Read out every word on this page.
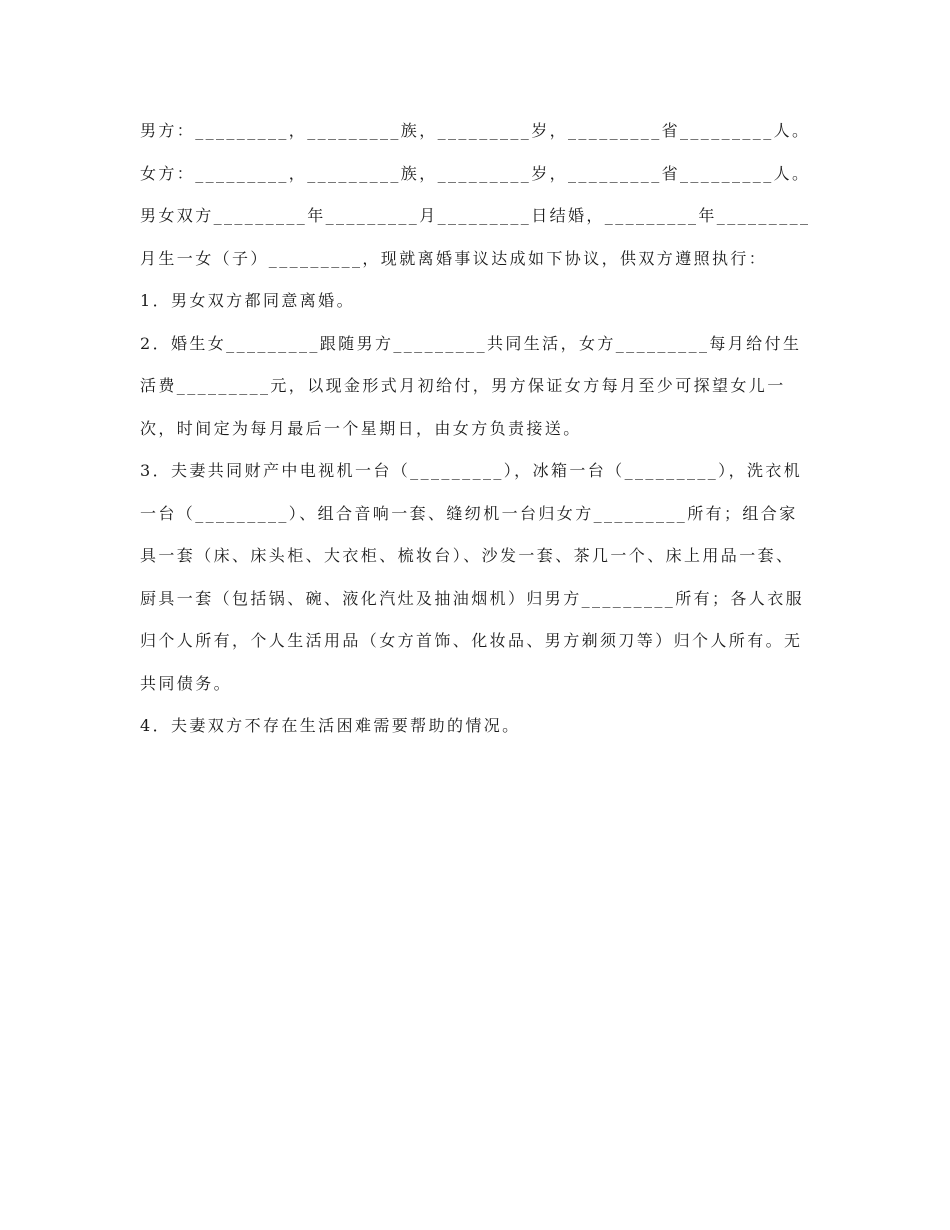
男方：_________，_________族，_________岁，_________省_________人。

女方：_________，_________族，_________岁，_________省_________人。

男女双方_________年_________月_________日结婚，_________年_________月生一女（子）_________，现就离婚事议达成如下协议，供双方遵照执行：

1．男女双方都同意离婚。

2．婚生女_________跟随男方_________共同生活，女方_________每月给付生活费_________元，以现金形式月初给付，男方保证女方每月至少可探望女儿一次，时间定为每月最后一个星期日，由女方负责接送。

3．夫妻共同财产中电视机一台（_________），冰箱一台（_________），洗衣机一台（_________）、组合音响一套、缝纫机一台归女方_________所有；组合家具一套（床、床头柜、大衣柜、梳妆台）、沙发一套、茶几一个、床上用品一套、厨具一套（包括锅、碗、液化汽灶及抽油烟机）归男方_________所有；各人衣服归个人所有，个人生活用品（女方首饰、化妆品、男方剃须刀等）归个人所有。无共同债务。

4．夫妻双方不存在生活困难需要帮助的情况。
